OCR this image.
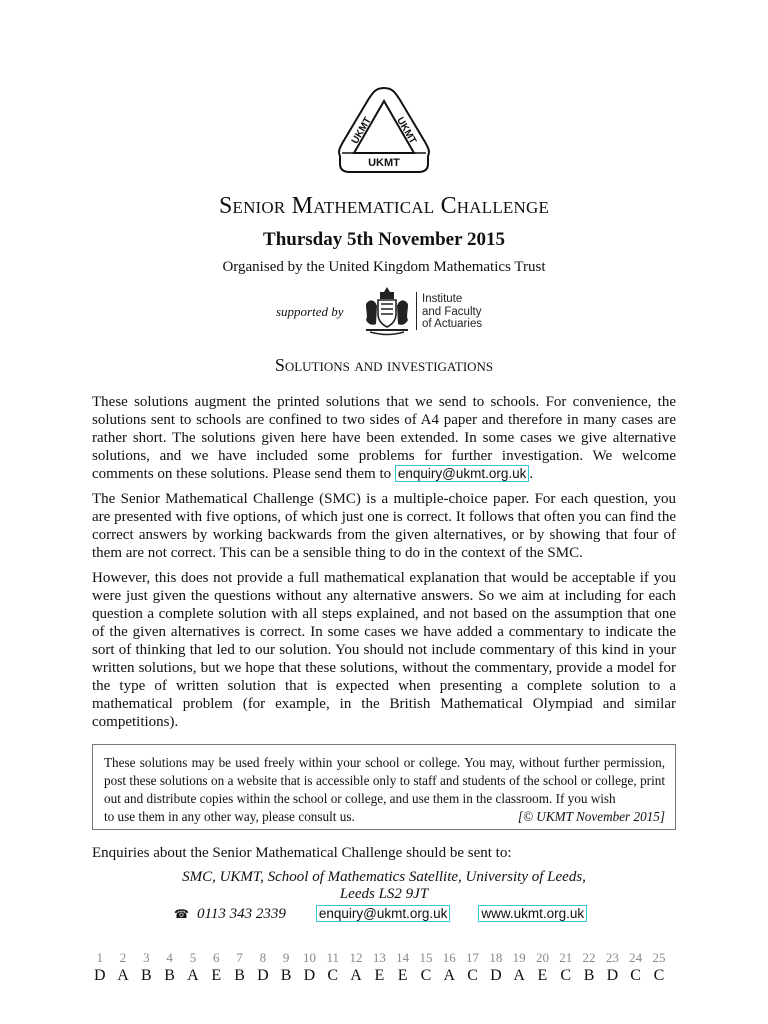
UKMT UKMT
UKMT
Senior Mathematical Challenge
Thursday 5th November 2015
Organised by the United Kingdom Mathematics Trust
supported by
Institute
and Faculty
of Actuaries
Solutions and investigations
These solutions augment the printed solutions that we send to schools. For convenience, the solutions sent to schools are confined to two sides of A4 paper and therefore in many cases are rather short. The solutions given here have been extended. In some cases we give alternative solutions, and we have included some problems for further investigation. We welcome comments on these solutions. Please send them to enquiry@ukmt.org.uk .
The Senior Mathematical Challenge (SMC) is a multiple-choice paper. For each question, you are presented with five options, of which just one is correct. It follows that often you can find the correct answers by working backwards from the given alternatives, or by showing that four of them are not correct. This can be a sensible thing to do in the context of the SMC.
However, this does not provide a full mathematical explanation that would be acceptable if you were just given the questions without any alternative answers. So we aim at including for each question a complete solution with all steps explained, and not based on the assumption that one of the given alternatives is correct. In some cases we have added a commentary to indicate the sort of thinking that led to our solution. You should not include commentary of this kind in your written solutions, but we hope that these solutions, without the commentary, provide a model for the type of written solution that is expected when presenting a complete solution to a mathematical problem (for example, in the British Mathematical Olympiad and similar competitions).
These solutions may be used freely within your school or college. You may, without further permission, post these solutions on a website that is accessible only to staff and students of the school or college, print out and distribute copies within the school or college, and use them in the classroom. If you wish
to use them in any other way, please consult us.	[© UKMT November 2015]
Enquiries about the Senior Mathematical Challenge should be sent to:
SMC, UKMT, School of Mathematics Satellite, University of Leeds,
Leeds LS2 9JT
☎ 0113 343 2339 enquiry@ukmt.org.uk	www.ukmt.org.uk
1
D
2
A
3
B
4
B
5
A
6
E
7
B
8
D
9
B
10
D
11
C
12
A
13
E
14
E
15
C
16
A
17
C
18
D
19
A
20
E
21
C
22
B
23
D
24
C
25
C
